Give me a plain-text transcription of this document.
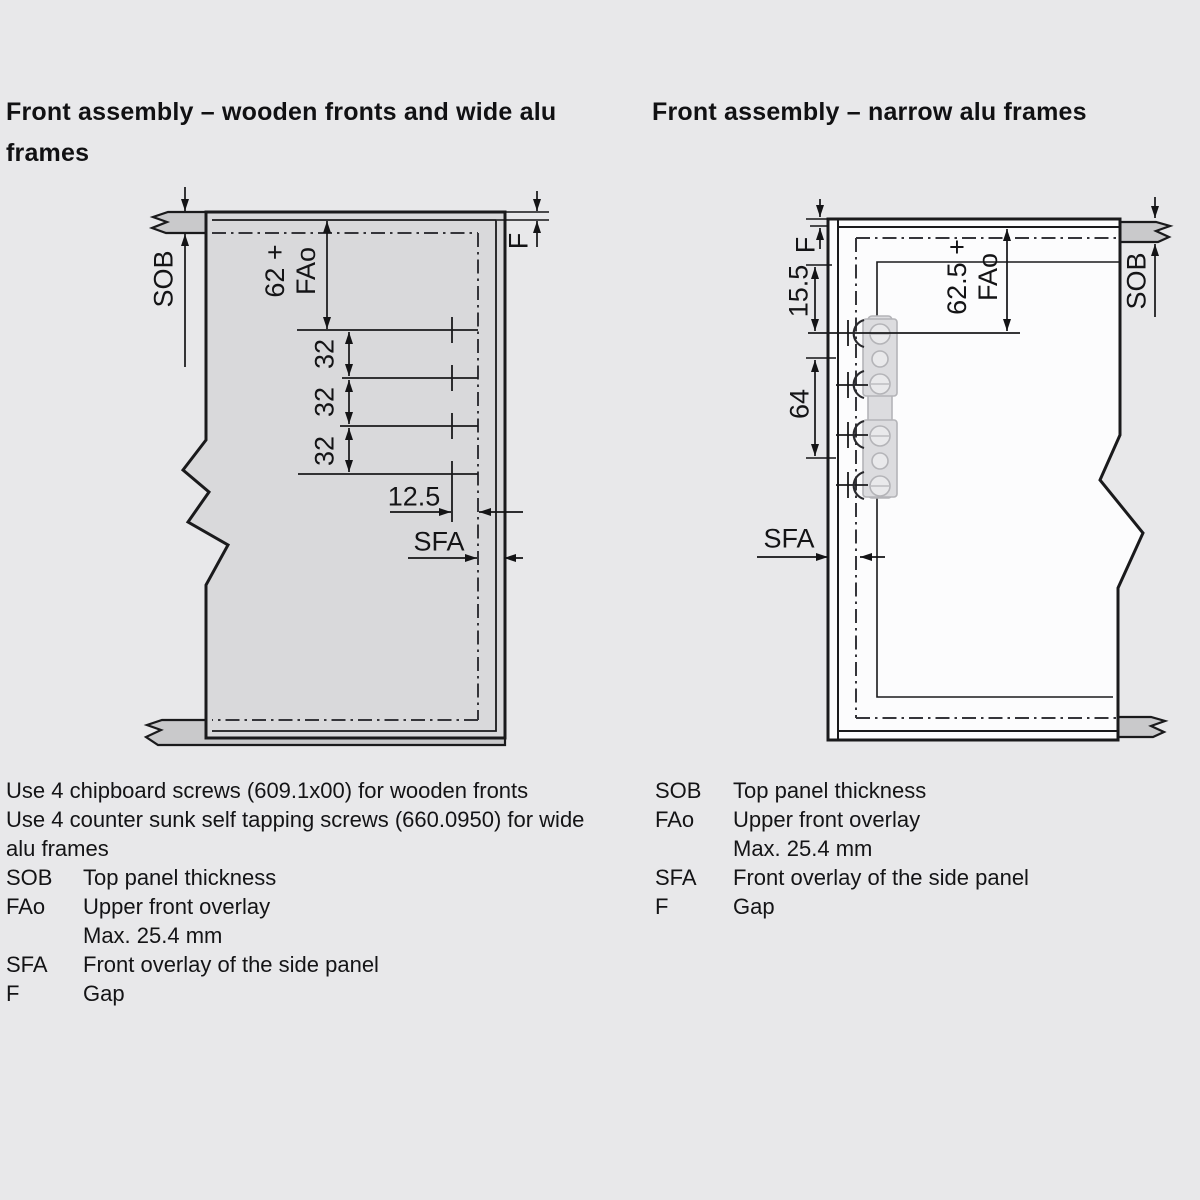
Front assembly – wooden fronts and wide alu frames
Front assembly – narrow alu frames
SOB	62 + FAo
F
32
32
32
12.5
SFA
F
15.5
64
62.5 + FAo	SOB
SFA

Use 4 chipboard screws (609.1x00) for wooden fronts

Use 4 counter sunk self tapping screws (660.0950) for wide alu frames

SOB	Top panel thickness
FAo	Upper front overlay
Max. 25.4 mm
SFA	Front overlay of the side panel
F	Gap
SOB	Top panel thickness
FAo	Upper front overlay
Max. 25.4 mm
SFA	Front overlay of the side panel
F	Gap
